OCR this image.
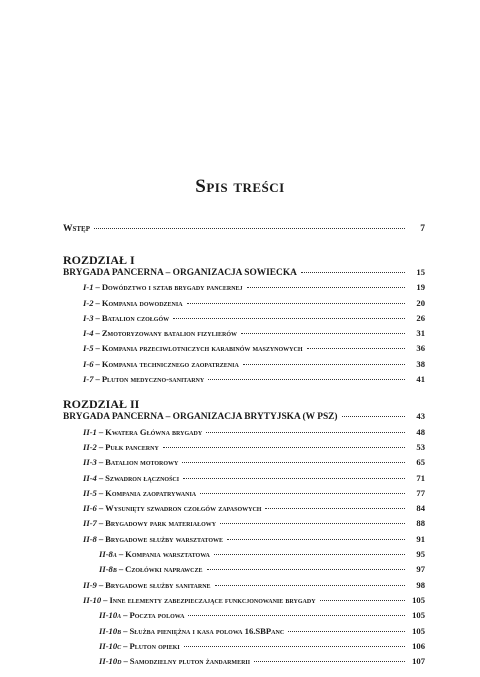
Spis treści
Wstęp	7
ROZDZIAŁ I
BRYGADA PANCERNA – ORGANIZACJA SOWIECKA	15
I-1 – Dowództwo i sztab brygady pancernej	19
I-2 – Kompania dowodzenia	20
I-3 – Batalion czołgów	26
I-4 – Zmotoryzowany batalion fizylierów	31
I-5 – Kompania przeciwlotniczych karabinów maszynowych	36
I-6 – Kompania technicznego zaopatrzenia	38
I-7 – Pluton medyczno-sanitarny	41
ROZDZIAŁ II
BRYGADA PANCERNA – ORGANIZACJA BRYTYJSKA (W PSZ)	43
II-1 – Kwatera Główna brygady	48
II-2 – Pułk pancerny	53
II-3 – Batalion motorowy	65
II-4 – Szwadron łączności	71
II-5 – Kompania zaopatrywania	77
II-6 – Wysunięty szwadron czołgów zapasowych	84
II-7 – Brygadowy park materiałowy	88
II-8 – Brygadowe służby warsztatowe	91
II-8a – Kompania warsztatowa	95
II-8b – Czołówki naprawcze	97
II-9 – Brygadowe służby sanitarne	98
II-10 – Inne elementy zabezpieczające funkcjonowanie brygady	105
II-10a – Poczta polowa	105
II-10b – Służba pieniężna i kasa polowa 16.SBPanc	105
II-10c – Pluton opieki	106
II-10d – Samodzielny pluton żandarmerii	107
